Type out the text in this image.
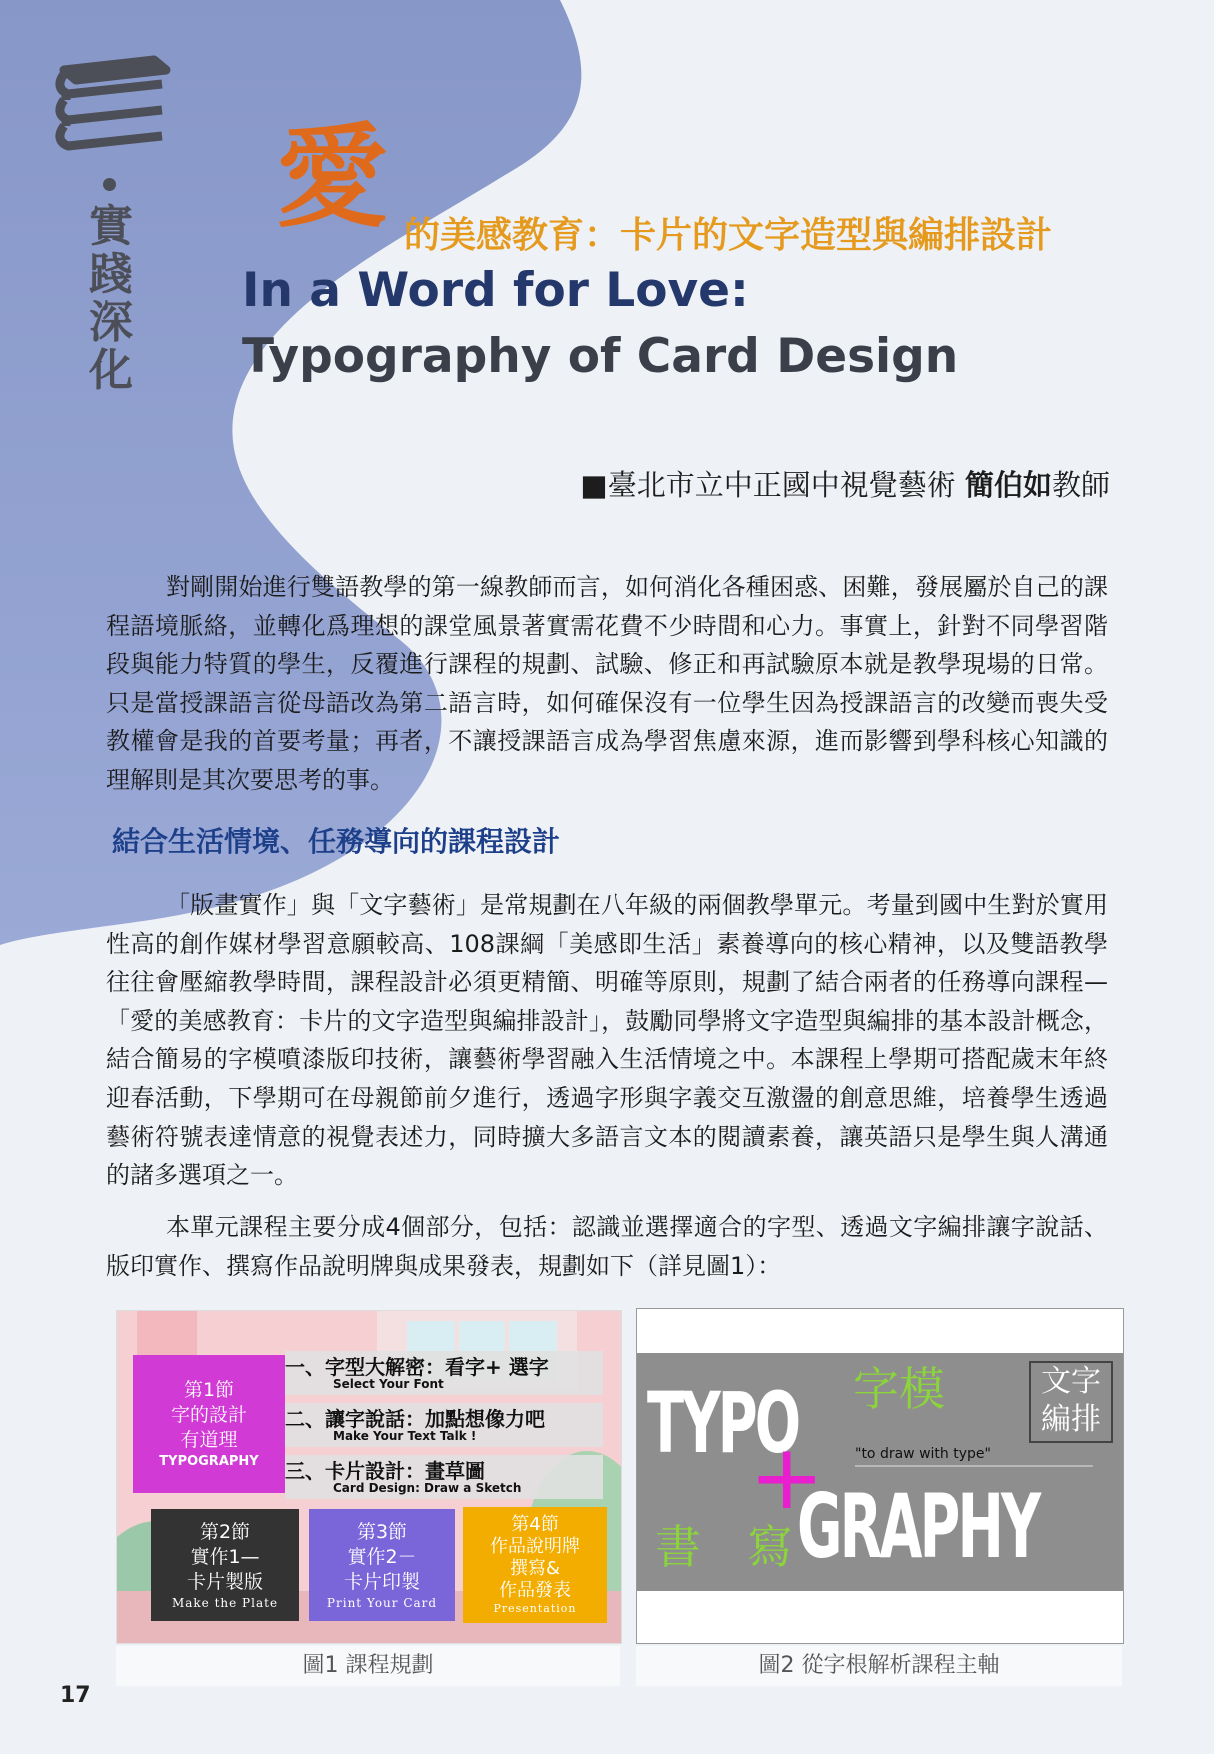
實
踐
深
化
愛 的美感教育：卡片的文字造型與編排設計
In a Word for Love:
Typography of Card Design
■臺北市立中正國中視覺藝術 簡伯如教師

對剛開始進行雙語教學的第一線教師而言，如何消化各種困惑、困難，發展屬於自己的課程語境脈絡，並轉化爲理想的課堂風景著實需花費不少時間和心力。事實上，針對不同學習階段與能力特質的學生，反覆進行課程的規劃、試驗、修正和再試驗原本就是教學現場的日常。只是當授課語言從母語改為第二語言時，如何確保沒有一位學生因為授課語言的改變而喪失受教權會是我的首要考量；再者，不讓授課語言成為學習焦慮來源，進而影響到學科核心知識的理解則是其次要思考的事。

結合生活情境、任務導向的課程設計

「版畫實作」與「文字藝術」是常規劃在八年級的兩個教學單元。考量到國中生對於實用性高的創作媒材學習意願較高、108課綱「美感即生活」素養導向的核心精神，以及雙語教學往往會壓縮教學時間，課程設計必須更精簡、明確等原則，規劃了結合兩者的任務導向課程—「愛的美感教育：卡片的文字造型與編排設計」，鼓勵同學將文字造型與編排的基本設計概念，結合簡易的字模噴漆版印技術，讓藝術學習融入生活情境之中。本課程上學期可搭配歲末年終迎春活動，下學期可在母親節前夕進行，透過字形與字義交互激盪的創意思維，培養學生透過藝術符號表達情意的視覺表述力，同時擴大多語言文本的閱讀素養，讓英語只是學生與人溝通的諸多選項之一。

本單元課程主要分成4個部分，包括：認識並選擇適合的字型、透過文字編排讓字說話、版印實作、撰寫作品說明牌與成果發表，規劃如下（詳見圖1）：

第1節
字的設計
有道理
TYPOGRAPHY
一、字型大解密：看字+ 選字
Select Your Font
二、讓字說話：加點想像力吧
Make Your Text Talk !
三、卡片設計：畫草圖
Card Design: Draw a Sketch
第2節
實作1—
卡片製版
Make the Plate
第3節
實作2－
卡片印製
Print Your Card
第4節
作品說明牌
撰寫&
作品發表
Presentation
圖1 課程規劃
TYPO 字模	文字
編排
"to draw with type"
+
書　寫 GRAPHY
圖2 從字根解析課程主軸
17
